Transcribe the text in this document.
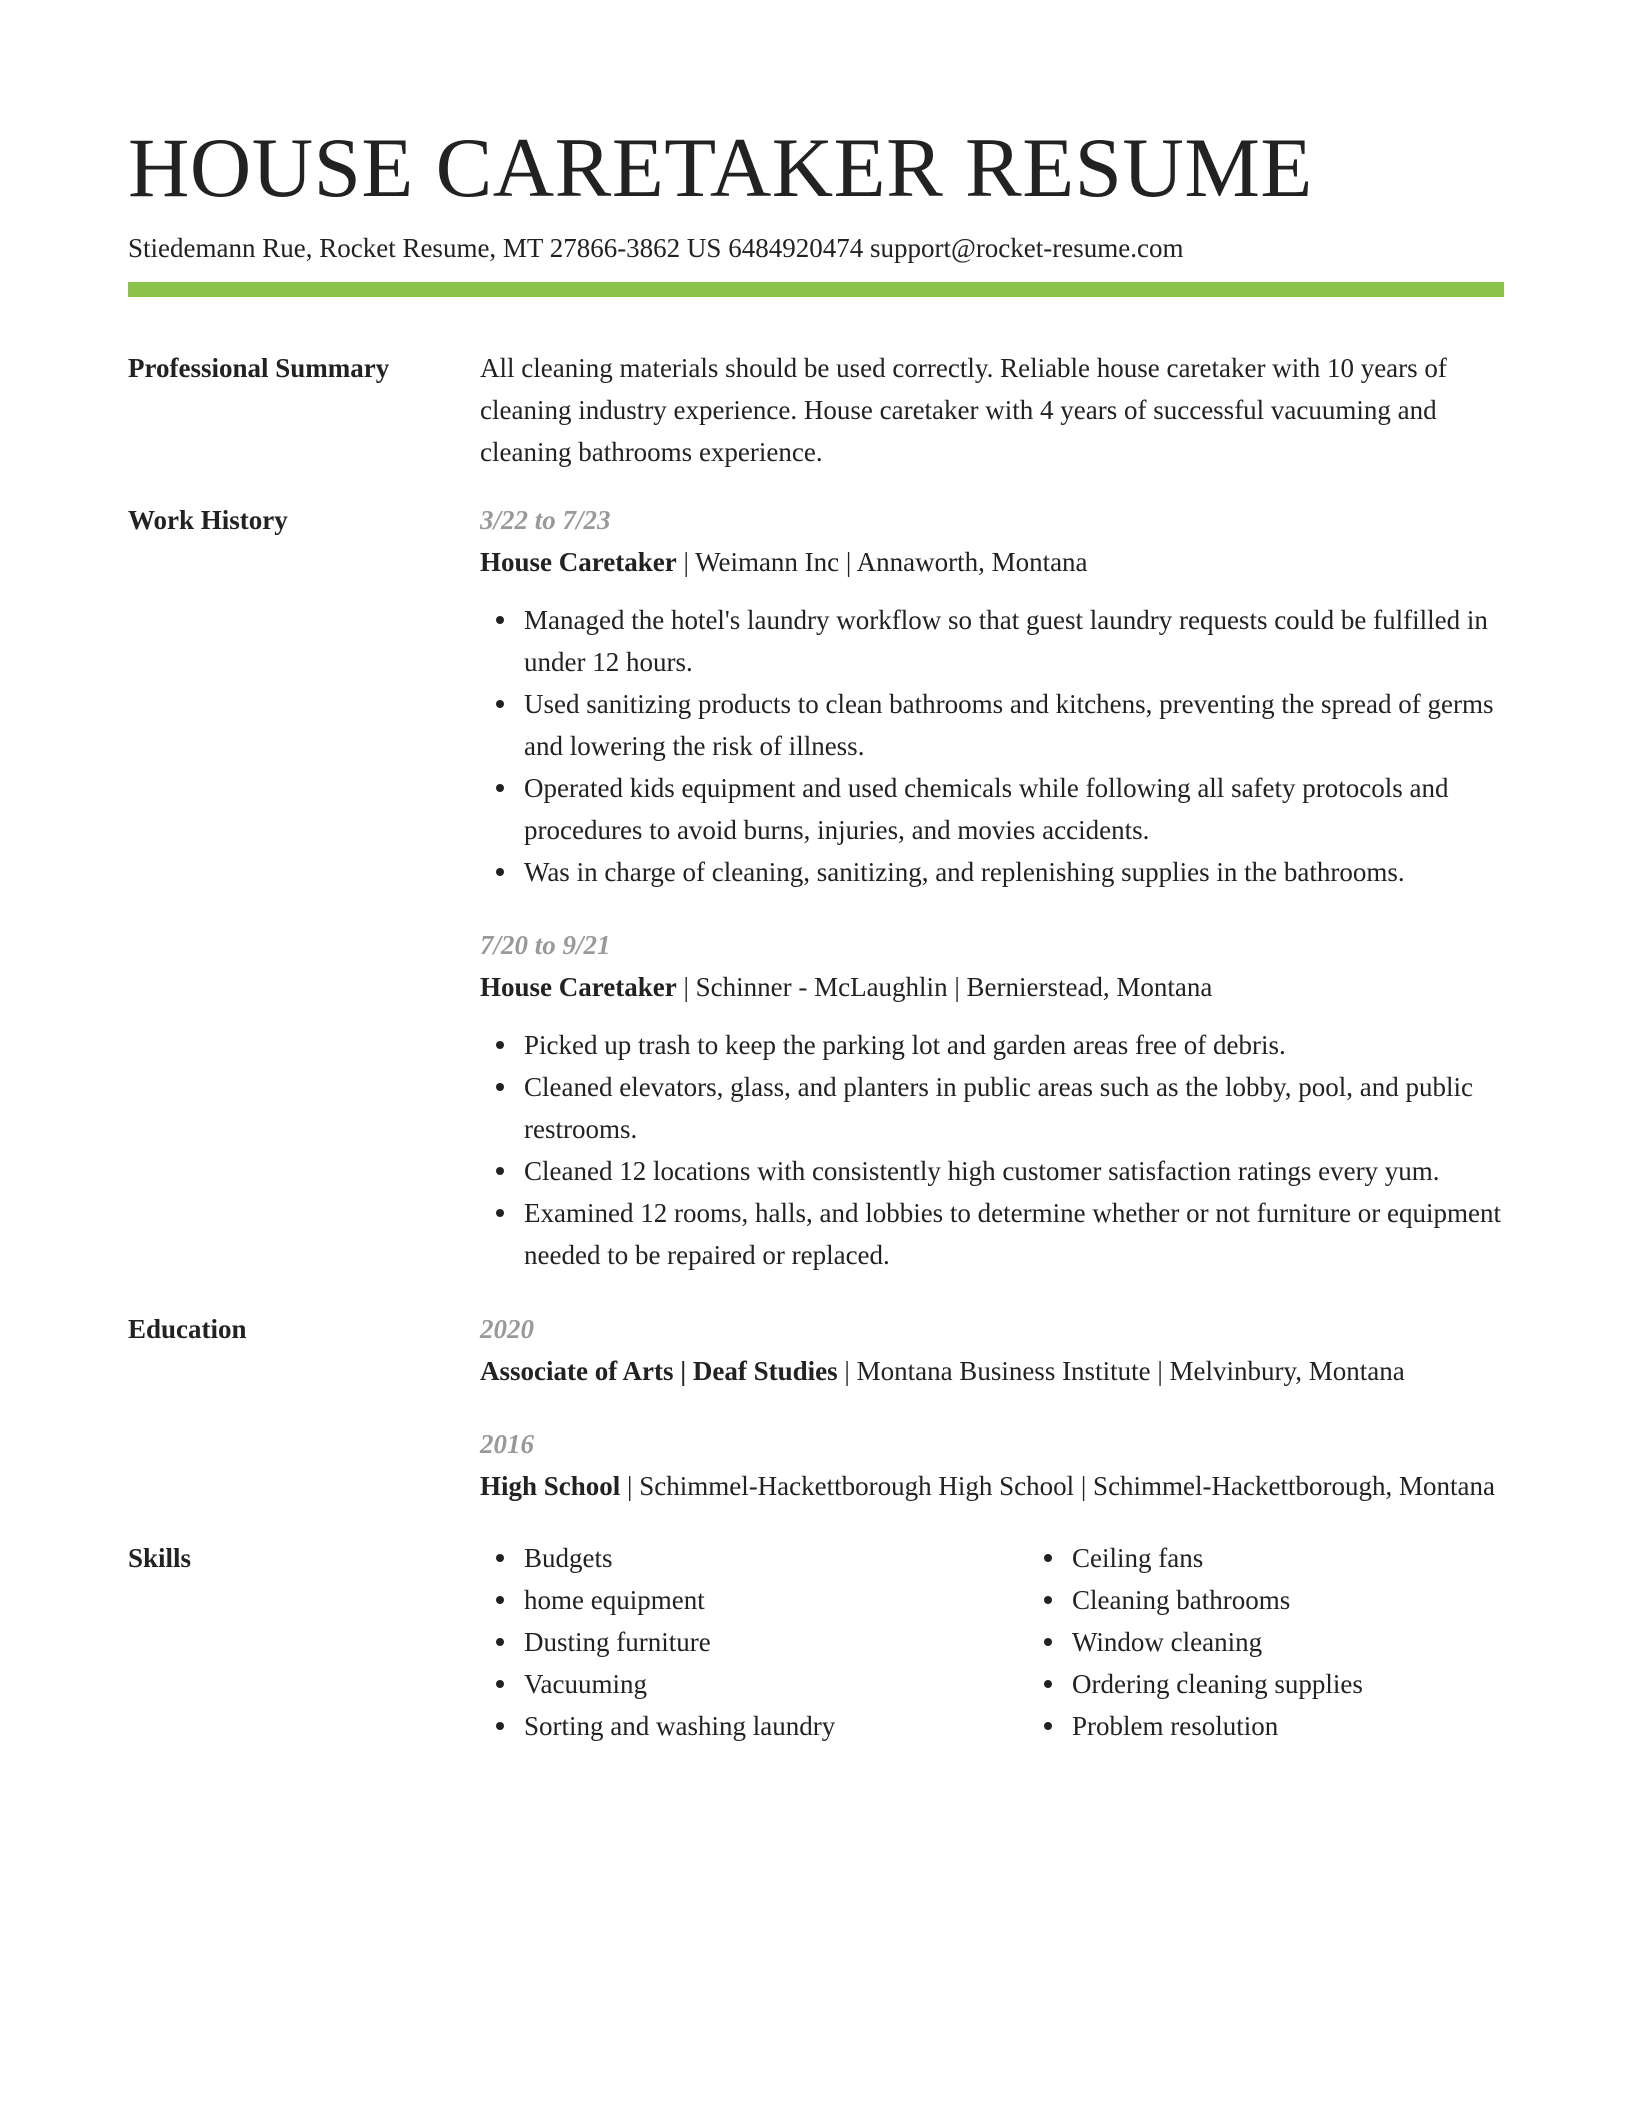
HOUSE CARETAKER RESUME
Stiedemann Rue, Rocket Resume, MT 27866-3862 US 6484920474 support@rocket-resume.com
Professional Summary	All cleaning materials should be used correctly. Reliable house caretaker with 10 years of cleaning industry experience. House caretaker with 4 years of successful vacuuming and cleaning bathrooms experience.

Work History	3/22 to 7/23
House Caretaker | Weimann Inc | Annaworth, Montana
Managed the hotel's laundry workflow so that guest laundry requests could be fulfilled in under 12 hours.
Used sanitizing products to clean bathrooms and kitchens, preventing the spread of germs and lowering the risk of illness.
Operated kids equipment and used chemicals while following all safety protocols and procedures to avoid burns, injuries, and movies accidents.
Was in charge of cleaning, sanitizing, and replenishing supplies in the bathrooms.
7/20 to 9/21
House Caretaker | Schinner - McLaughlin | Bernierstead, Montana
Picked up trash to keep the parking lot and garden areas free of debris.
Cleaned elevators, glass, and planters in public areas such as the lobby, pool, and public restrooms.
Cleaned 12 locations with consistently high customer satisfaction ratings every yum.
Examined 12 rooms, halls, and lobbies to determine whether or not furniture or equipment needed to be repaired or replaced.
Education	2020
Associate of Arts | Deaf Studies | Montana Business Institute | Melvinbury, Montana
2016
High School | Schimmel-Hackettborough High School | Schimmel-Hackettborough, Montana
Skills	Budgets
home equipment
Dusting furniture
Vacuuming
Sorting and washing laundry
Ceiling fans
Cleaning bathrooms
Window cleaning
Ordering cleaning supplies
Problem resolution
